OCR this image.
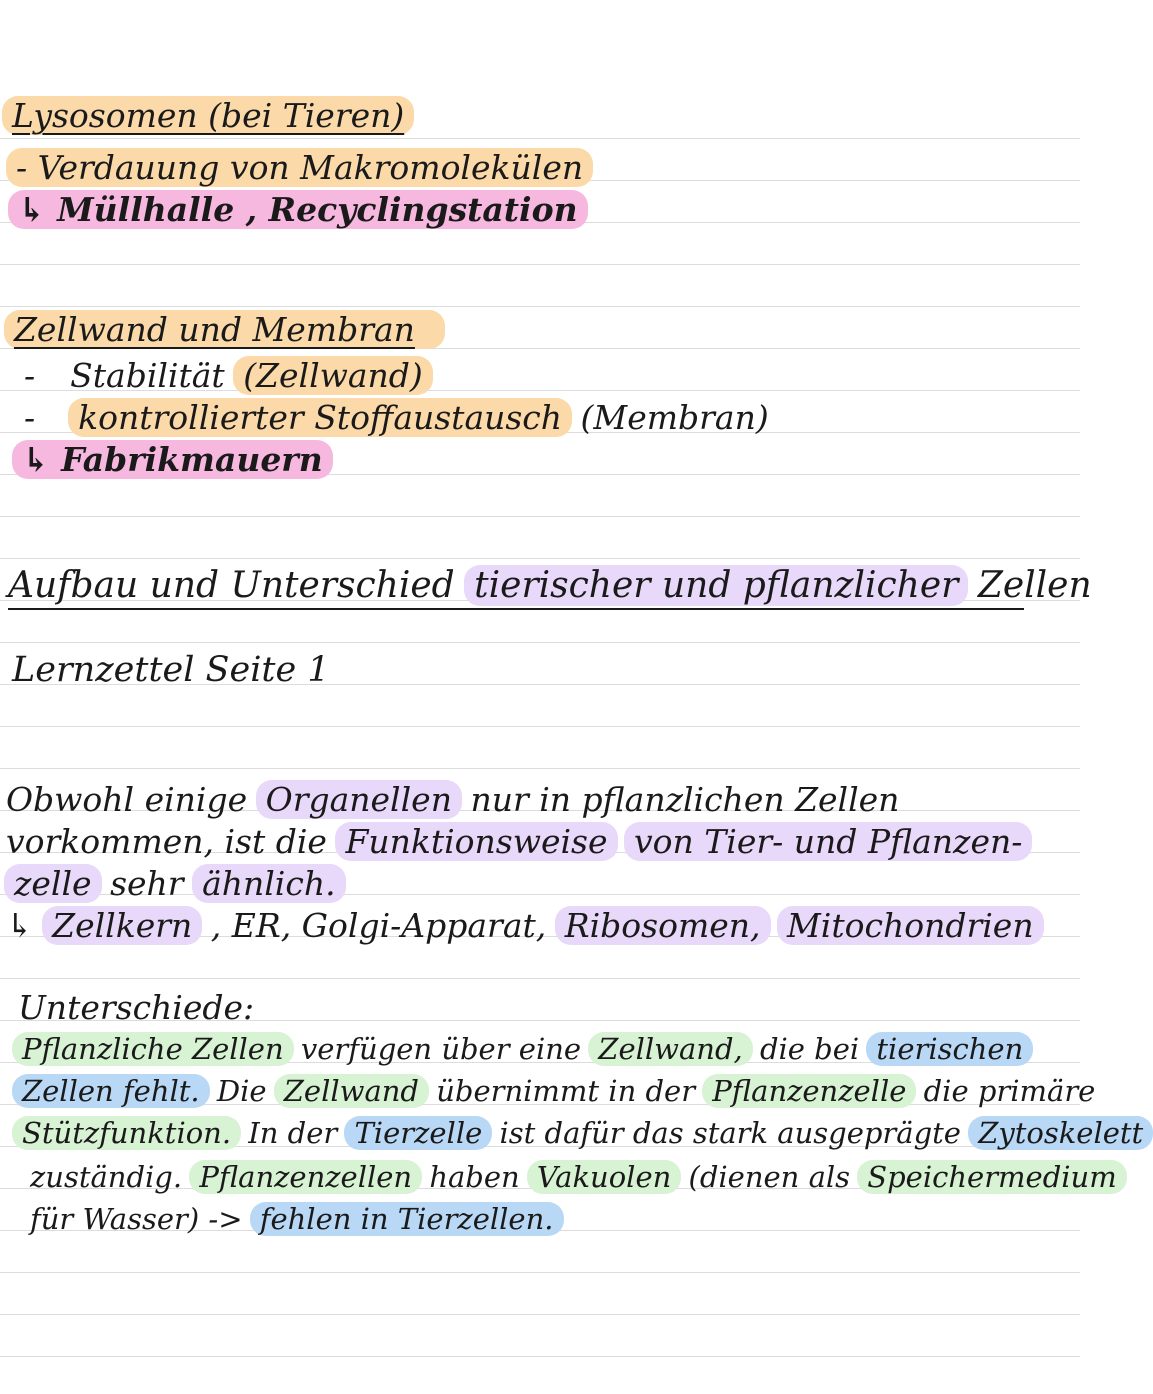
Lysosomen (bei Tieren)
- Verdauung von Makromolekülen
↳ Müllhalle , Recyclingstation
Zellwand und Membran
- Stabilität (Zellwand)
- kontrollierter Stoffaustausch (Membran)
↳ Fabrikmauern
Aufbau und Unterschied tierischer und pflanzlicher Zellen
Lernzettel Seite 1
Obwohl einige Organellen nur in pflanzlichen Zellen
vorkommen, ist die Funktionsweise von Tier- und Pflanzen-
zelle sehr ähnlich.
↳ Zellkern , ER, Golgi-Apparat, Ribosomen, Mitochondrien
Unterschiede:
Pflanzliche Zellen verfügen über eine Zellwand, die bei tierischen
Zellen fehlt. Die Zellwand übernimmt in der Pflanzenzelle die primäre
Stützfunktion. In der Tierzelle ist dafür das stark ausgeprägte Zytoskelett
zuständig. Pflanzenzellen haben Vakuolen (dienen als Speichermedium
für Wasser) -> fehlen in Tierzellen.
